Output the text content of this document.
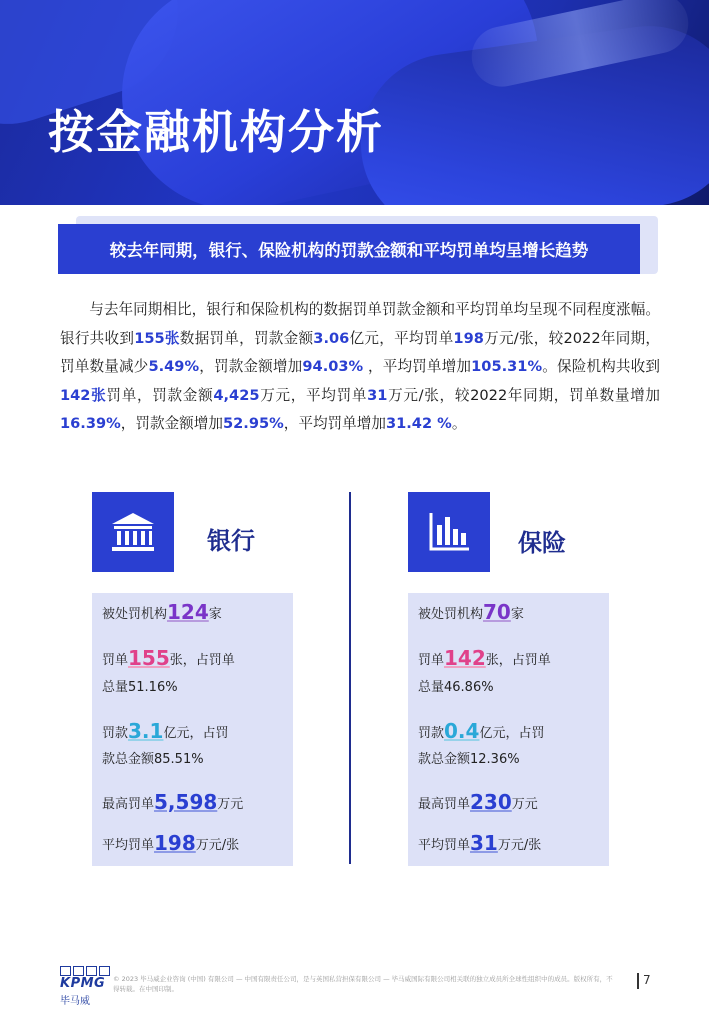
按金融机构分析
较去年同期，银行、保险机构的罚款金额和平均罚单均呈增长趋势

与去年同期相比，银行和保险机构的数据罚单罚款金额和平均罚单均呈现不同程度涨幅。银行共收到155张数据罚单，罚款金额3.06亿元，平均罚单198万元/张，较2022年同期，罚单数量减少5.49%，罚款金额增加94.03% ，平均罚单增加105.31%。保险机构共收到142张罚单，罚款金额4,425万元，平均罚单31万元/张，较2022年同期，罚单数量增加16.39%，罚款金额增加52.95%，平均罚单增加31.42 %。

银行
被处罚机构124家
罚单155张，占罚单
总量51.16%
罚款3.1亿元，占罚
款总金额85.51%
最高罚单5,598万元
平均罚单198万元/张
保险
被处罚机构70家
罚单142张，占罚单
总量46.86%
罚款0.4亿元，占罚
款总金额12.36%
最高罚单230万元
平均罚单31万元/张
KPMG
毕马威

© 2023 毕马威企业咨询 (中国) 有限公司 — 中国有限责任公司，是与英国私营担保有限公司 — 毕马威国际有限公司相关联的独立成员所全球性组织中的成员。版权所有，不得转载。在中国印制。

7
